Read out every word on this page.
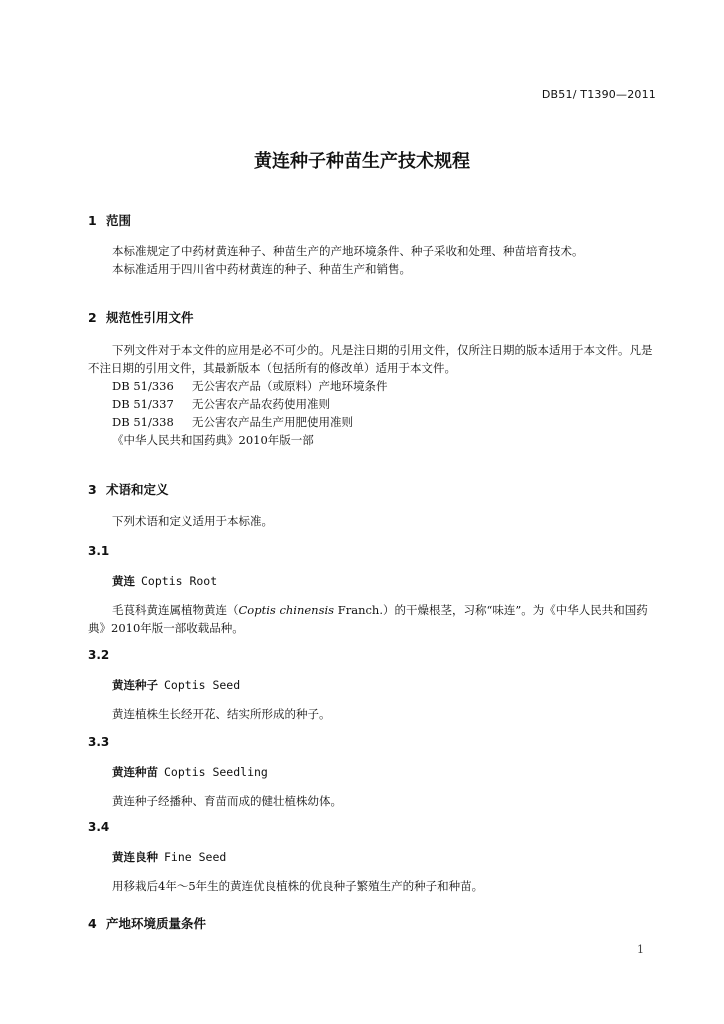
DB51/ T1390—2011
黄连种子种苗生产技术规程
1 范围
本标准规定了中药材黄连种子、种苗生产的产地环境条件、种子采收和处理、种苗培育技术。
本标准适用于四川省中药材黄连的种子、种苗生产和销售。
2 规范性引用文件
下列文件对于本文件的应用是必不可少的。凡是注日期的引用文件，仅所注日期的版本适用于本文件。凡是不注日期的引用文件，其最新版本（包括所有的修改单）适用于本文件。
DB 51/336 无公害农产品（或原料）产地环境条件
DB 51/337 无公害农产品农药使用准则
DB 51/338 无公害农产品生产用肥使用准则
《中华人民共和国药典》2010年版一部
3 术语和定义
下列术语和定义适用于本标准。
3.1
黄连 Coptis Root
毛茛科黄连属植物黄连（Coptis chinensis Franch.）的干燥根茎，习称“味连”。为《中华人民共和国药典》2010年版一部收载品种。
3.2
黄连种子 Coptis Seed
黄连植株生长经开花、结实所形成的种子。
3.3
黄连种苗 Coptis Seedling
黄连种子经播种、育苗而成的健壮植株幼体。
3.4
黄连良种 Fine Seed
用移栽后4年～5年生的黄连优良植株的优良种子繁殖生产的种子和种苗。
4 产地环境质量条件
1
